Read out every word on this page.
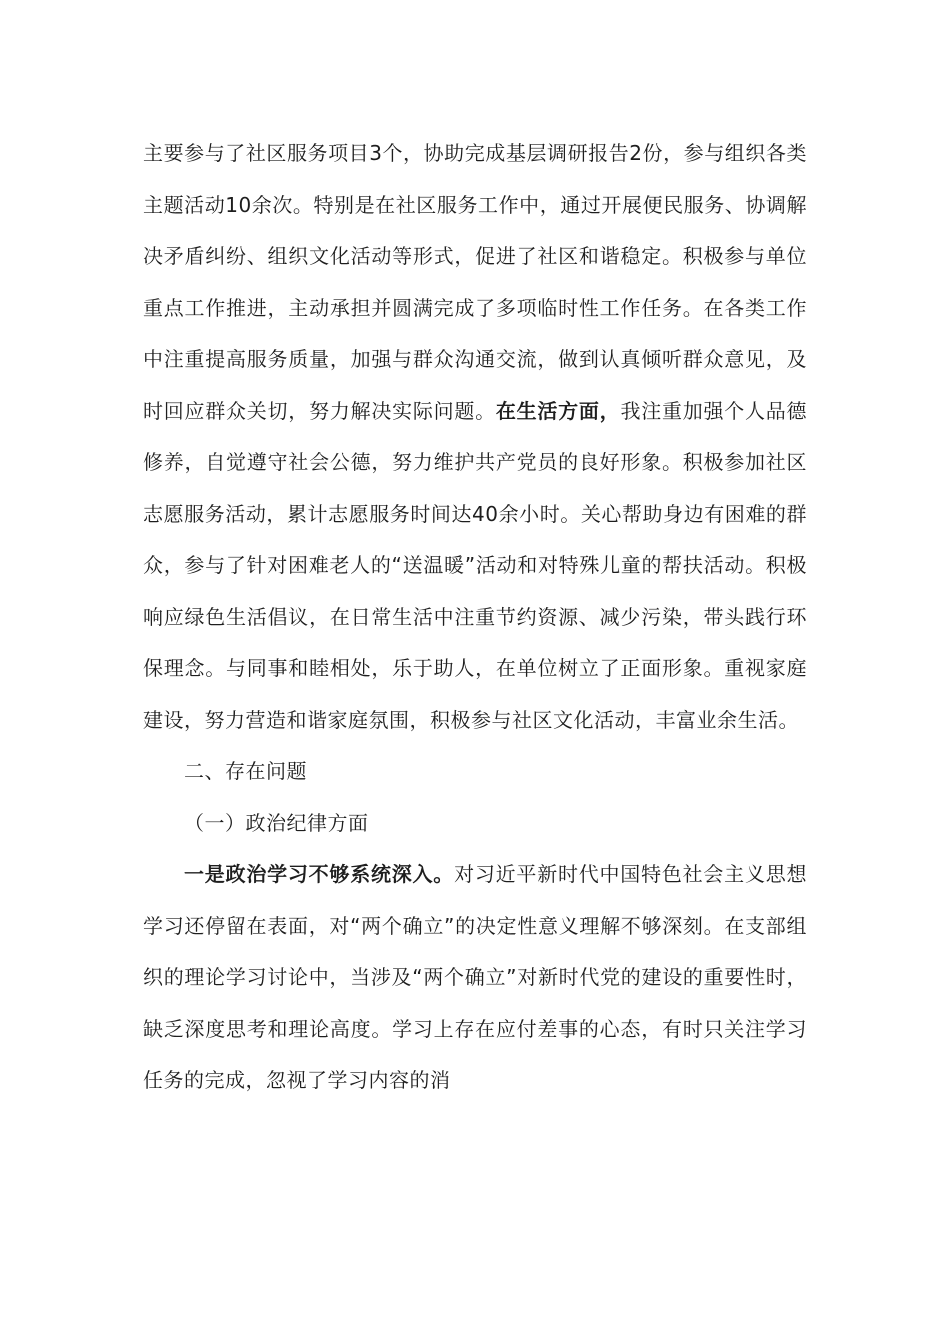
主要参与了社区服务项目3个，协助完成基层调研报告2份，参与组织各类主题活动10余次。特别是在社区服务工作中，通过开展便民服务、协调解决矛盾纠纷、组织文化活动等形式，促进了社区和谐稳定。积极参与单位重点工作推进，主动承担并圆满完成了多项临时性工作任务。在各类工作中注重提高服务质量，加强与群众沟通交流，做到认真倾听群众意见，及时回应群众关切，努力解决实际问题。在生活方面，我注重加强个人品德修养，自觉遵守社会公德，努力维护共产党员的良好形象。积极参加社区志愿服务活动，累计志愿服务时间达40余小时。关心帮助身边有困难的群众，参与了针对困难老人的“送温暖”活动和对特殊儿童的帮扶活动。积极响应绿色生活倡议，在日常生活中注重节约资源、减少污染，带头践行环保理念。与同事和睦相处，乐于助人，在单位树立了正面形象。重视家庭建设，努力营造和谐家庭氛围，积极参与社区文化活动，丰富业余生活。

二、存在问题

（一）政治纪律方面

一是政治学习不够系统深入。对习近平新时代中国特色社会主义思想学习还停留在表面，对“两个确立”的决定性意义理解不够深刻。在支部组织的理论学习讨论中，当涉及“两个确立”对新时代党的建设的重要性时，缺乏深度思考和理论高度。学习上存在应付差事的心态，有时只关注学习任务的完成，忽视了学习内容的消
